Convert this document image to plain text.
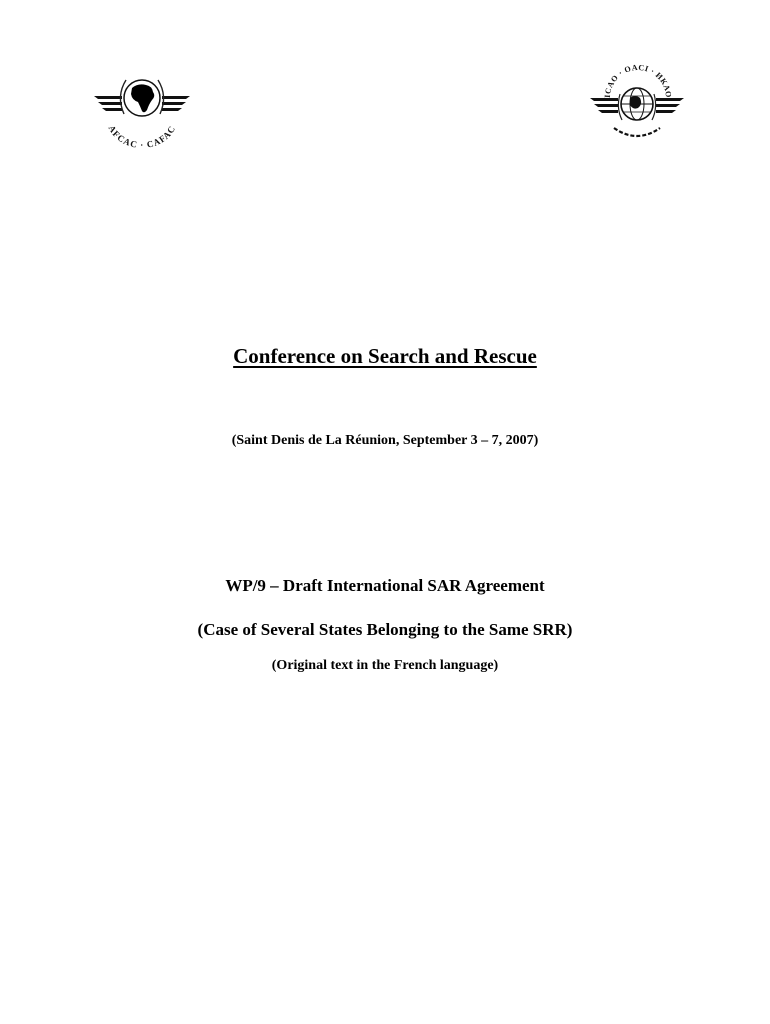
AFCAC · CAFAC
ICAO · OACI · ИКАО
Conference on Search and Rescue
(Saint Denis de La Réunion, September 3 – 7, 2007)
WP/9 – Draft International SAR Agreement
(Case of Several States Belonging to the Same SRR)
(Original text in the French language)
